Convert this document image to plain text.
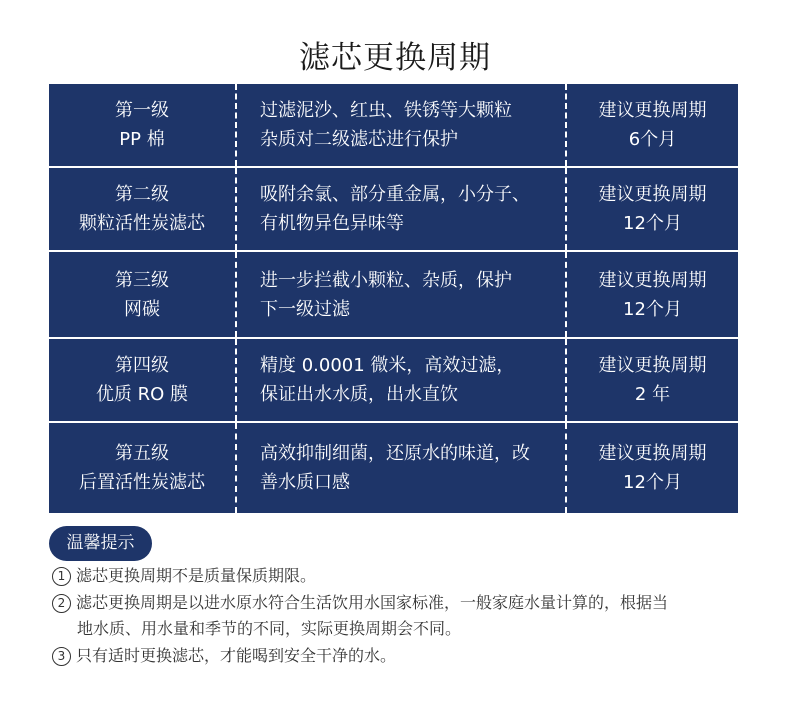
滤芯更换周期
第一级
PP 棉
过滤泥沙、红虫、铁锈等大颗粒
杂质对二级滤芯进行保护
建议更换周期
6个月
第二级
颗粒活性炭滤芯
吸附余氯、部分重金属，小分子、
有机物异色异味等
建议更换周期
12个月
第三级
网碳
进一步拦截小颗粒、杂质，保护
下一级过滤
建议更换周期
12个月
第四级
优质 RO 膜
精度 0.0001 微米，高效过滤，
保证出水水质，出水直饮
建议更换周期
2 年
第五级
后置活性炭滤芯
高效抑制细菌，还原水的味道，改
善水质口感
建议更换周期
12个月
温馨提示
1 滤芯更换周期不是质量保质期限。
2 滤芯更换周期是以进水原水符合生活饮用水国家标准，一般家庭水量计算的，根据当
地水质、用水量和季节的不同，实际更换周期会不同。
3 只有适时更换滤芯，才能喝到安全干净的水。
